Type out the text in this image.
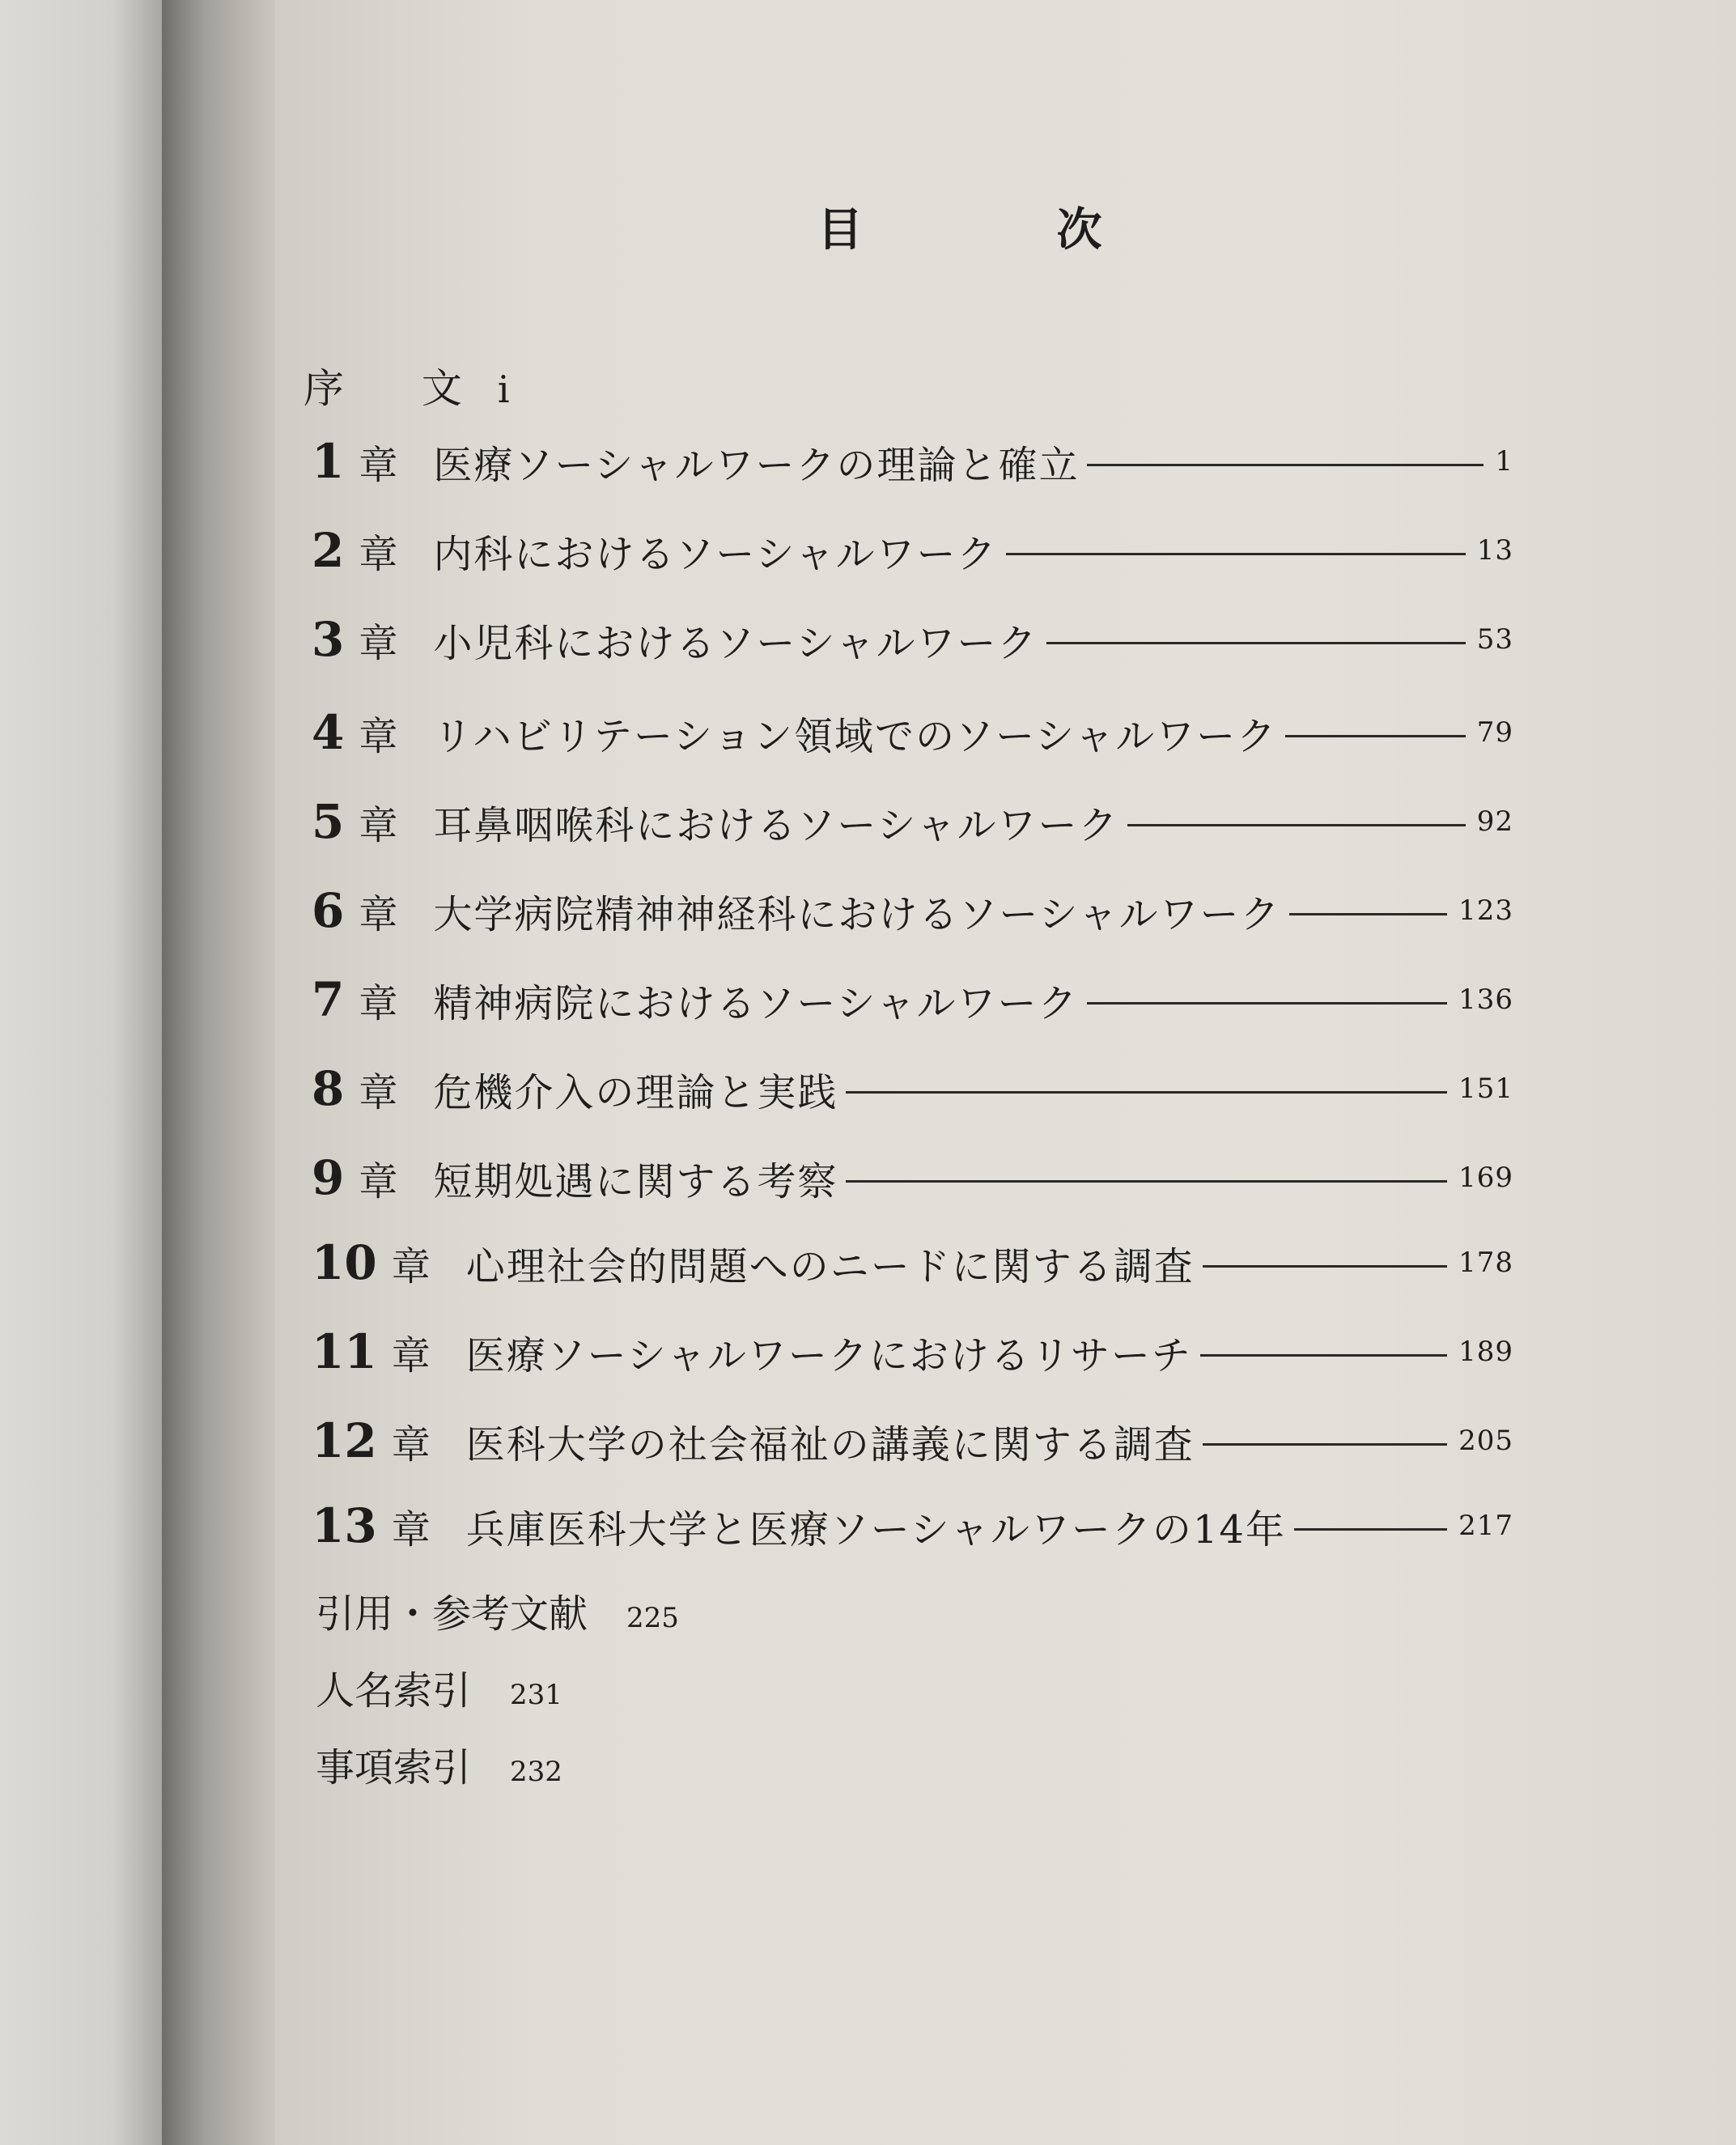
目 次
序 文i
1 章 医療ソーシャルワークの理論と確立	1
2 章 内科におけるソーシャルワーク	13
3 章 小児科におけるソーシャルワーク	53
4 章 リハビリテーション領域でのソーシャルワーク	79
5 章 耳鼻咽喉科におけるソーシャルワーク	92
6 章 大学病院精神神経科におけるソーシャルワーク	123
7 章 精神病院におけるソーシャルワーク	136
8 章 危機介入の理論と実践	151
9 章 短期処遇に関する考察	169
10 章 心理社会的問題へのニードに関する調査	178
11 章 医療ソーシャルワークにおけるリサーチ	189
12 章 医科大学の社会福祉の講義に関する調査	205
13 章 兵庫医科大学と医療ソーシャルワークの14年	217
引用・参考文献 225
人名索引 231
事項索引 232
